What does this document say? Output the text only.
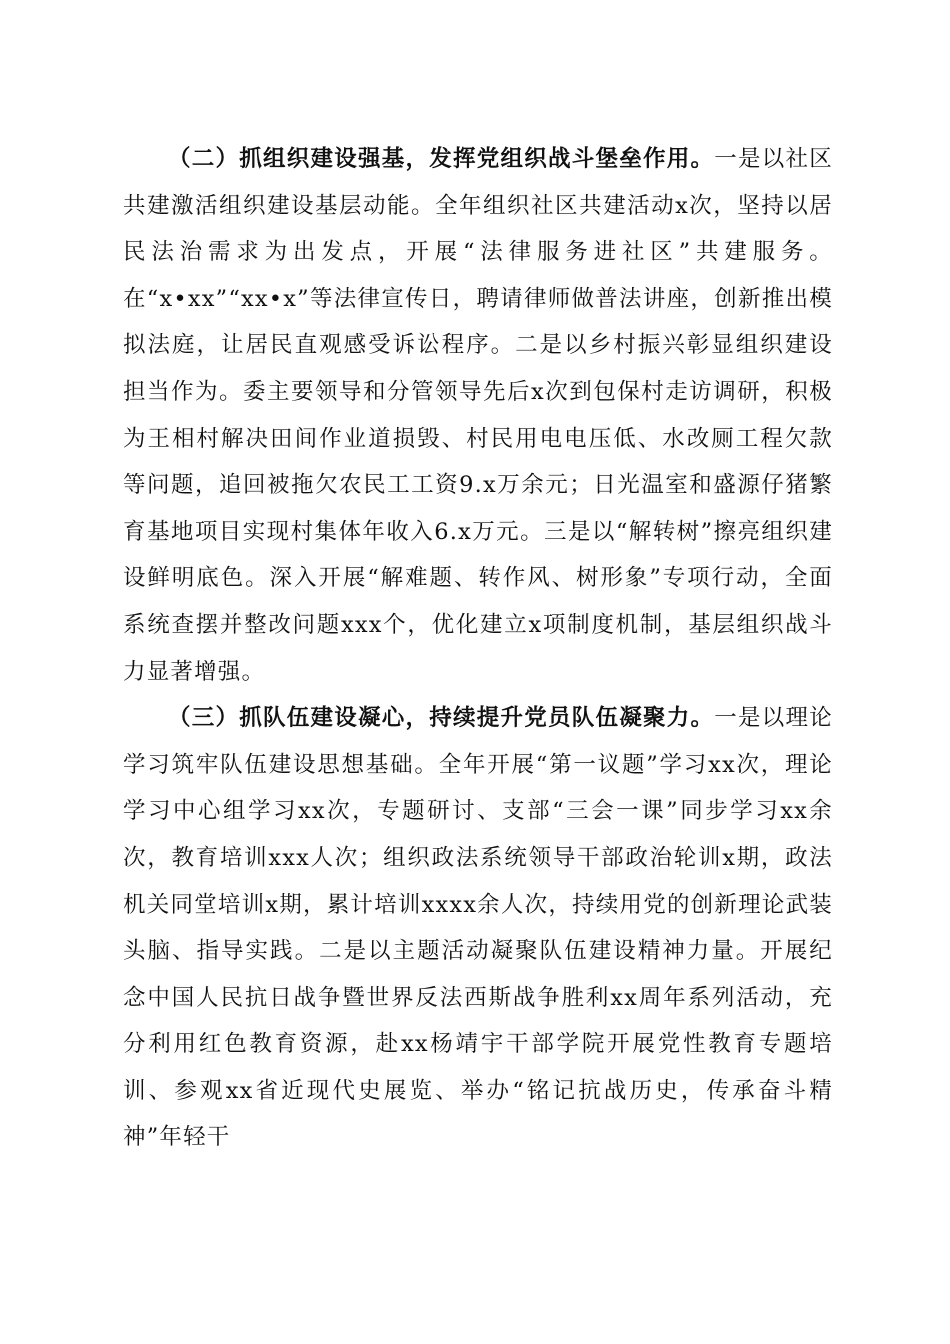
（二）抓组织建设强基，发挥党组织战斗堡垒作用。一是以社区共建激活组织建设基层动能。全年组织社区共建活动x次，坚持以居民法治需求为出发点，开展“法律服务进社区”共建服务。在“x•xx”“xx•x”等法律宣传日，聘请律师做普法讲座，创新推出模拟法庭，让居民直观感受诉讼程序。二是以乡村振兴彰显组织建设担当作为。委主要领导和分管领导先后x次到包保村走访调研，积极为王相村解决田间作业道损毁、村民用电电压低、水改厕工程欠款等问题，追回被拖欠农民工工资9.x万余元；日光温室和盛源仔猪繁育基地项目实现村集体年收入6.x万元。三是以“解转树”擦亮组织建设鲜明底色。深入开展“解难题、转作风、树形象”专项行动，全面系统查摆并整改问题xxx个，优化建立x项制度机制，基层组织战斗力显著增强。

（三）抓队伍建设凝心，持续提升党员队伍凝聚力。一是以理论学习筑牢队伍建设思想基础。全年开展“第一议题”学习xx次，理论学习中心组学习xx次，专题研讨、支部“三会一课”同步学习xx余次，教育培训xxx人次；组织政法系统领导干部政治轮训x期，政法机关同堂培训x期，累计培训xxxx余人次，持续用党的创新理论武装头脑、指导实践。二是以主题活动凝聚队伍建设精神力量。开展纪念中国人民抗日战争暨世界反法西斯战争胜利xx周年系列活动，充分利用红色教育资源，赴xx杨靖宇干部学院开展党性教育专题培训、参观xx省近现代史展览、举办“铭记抗战历史，传承奋斗精神”年轻干
